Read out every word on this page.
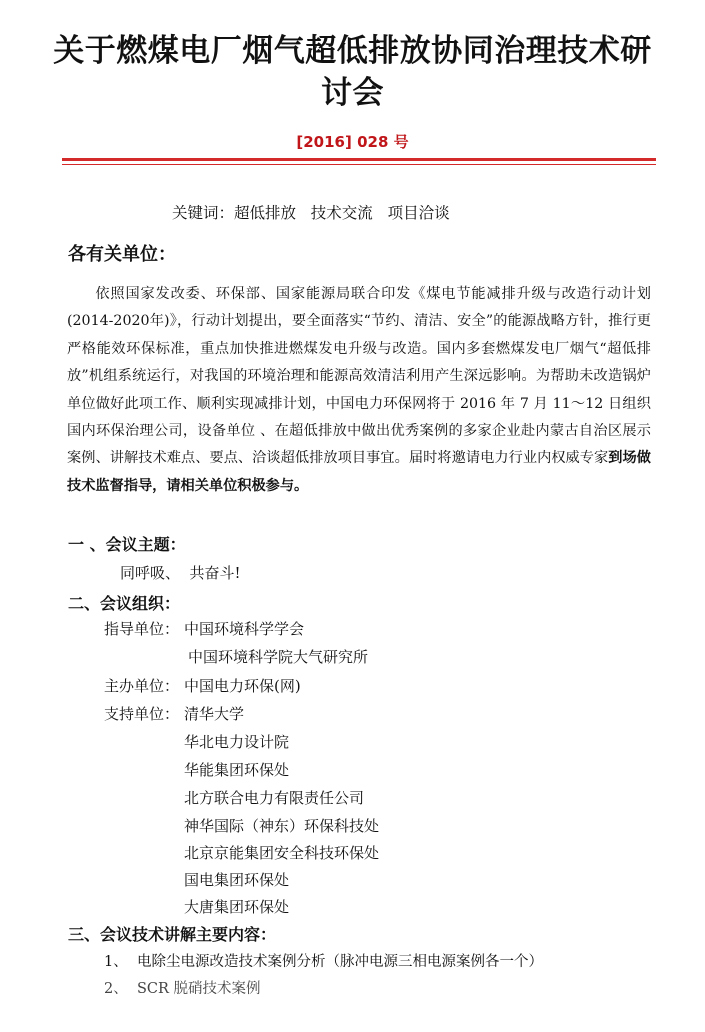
关于燃煤电厂烟气超低排放协同治理技术研讨会
[2016] 028 号
关键词：超低排放   技术交流   项目洽谈
各有关单位：
依照国家发改委、环保部、国家能源局联合印发《煤电节能减排升级与改造行动计划(2014-2020年)》，行动计划提出，要全面落实“节约、清洁、安全”的能源战略方针，推行更严格能效环保标准，重点加快推进燃煤发电升级与改造。国内多套燃煤发电厂烟气“超低排放”机组系统运行，对我国的环境治理和能源高效清洁利用产生深远影响。为帮助未改造锅炉单位做好此项工作、顺利实现减排计划，中国电力环保网将于 2016 年 7 月 11～12 日组织国内环保治理公司，设备单位 、在超低排放中做出优秀案例的多家企业赴内蒙古自治区展示案例、讲解技术难点、要点、洽谈超低排放项目事宜。届时将邀请电力行业内权威专家到场做技术监督指导，请相关单位积极参与。
一 、会议主题：
同呼吸、  共奋斗!
二、会议组织：
指导单位： 中国环境科学学会
中国环境科学院大气研究所
主办单位： 中国电力环保(网)
支持单位： 清华大学
华北电力设计院
华能集团环保处
北方联合电力有限责任公司
神华国际（神东）环保科技处
北京京能集团安全科技环保处
国电集团环保处
大唐集团环保处
三、会议技术讲解主要内容：
1、  电除尘电源改造技术案例分析（脉冲电源三相电源案例各一个）
2、  SCR 脱硝技术案例
